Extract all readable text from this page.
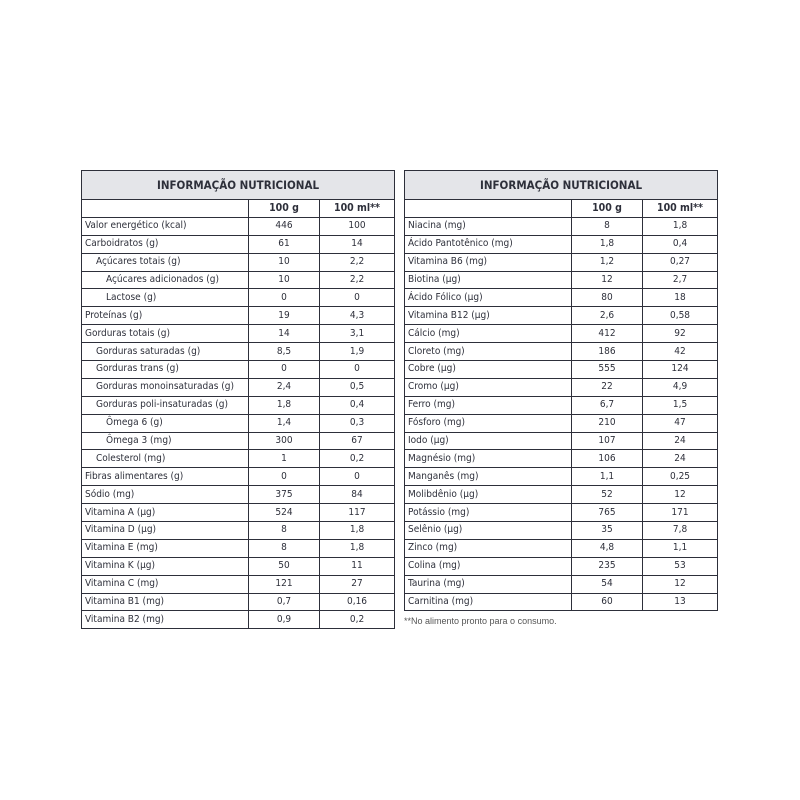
INFORMAÇÃO NUTRICIONAL		
	100 g	100 ml**
Valor energético (kcal)	446	100
Carboidratos (g)	61	14
Açúcares totais (g)	10	2,2
Açúcares adicionados (g)	10	2,2
Lactose (g)	0	0
Proteínas (g)	19	4,3
Gorduras totais (g)	14	3,1
Gorduras saturadas (g)	8,5	1,9
Gorduras trans (g)	0	0
Gorduras monoinsaturadas (g)	2,4	0,5
Gorduras poli-insaturadas (g)	1,8	0,4
Ômega 6 (g)	1,4	0,3
Ômega 3 (mg)	300	67
Colesterol (mg)	1	0,2
Fibras alimentares (g)	0	0
Sódio (mg)	375	84
Vitamina A (µg)	524	117
Vitamina D (µg)	8	1,8
Vitamina E (mg)	8	1,8
Vitamina K (µg)	50	11
Vitamina C (mg)	121	27
Vitamina B1 (mg)	0,7	0,16
Vitamina B2 (mg)	0,9	0,2
INFORMAÇÃO NUTRICIONAL		
	100 g	100 ml**
Niacina (mg)	8	1,8
Ácido Pantotênico (mg)	1,8	0,4
Vitamina B6 (mg)	1,2	0,27
Biotina (µg)	12	2,7
Ácido Fólico (µg)	80	18
Vitamina B12 (µg)	2,6	0,58
Cálcio (mg)	412	92
Cloreto (mg)	186	42
Cobre (µg)	555	124
Cromo (µg)	22	4,9
Ferro (mg)	6,7	1,5
Fósforo (mg)	210	47
Iodo (µg)	107	24
Magnésio (mg)	106	24
Manganês (mg)	1,1	0,25
Molibdênio (µg)	52	12
Potássio (mg)	765	171
Selênio (µg)	35	7,8
Zinco (mg)	4,8	1,1
Colina (mg)	235	53
Taurina (mg)	54	12
Carnitina (mg)	60	13
**No alimento pronto para o consumo.
